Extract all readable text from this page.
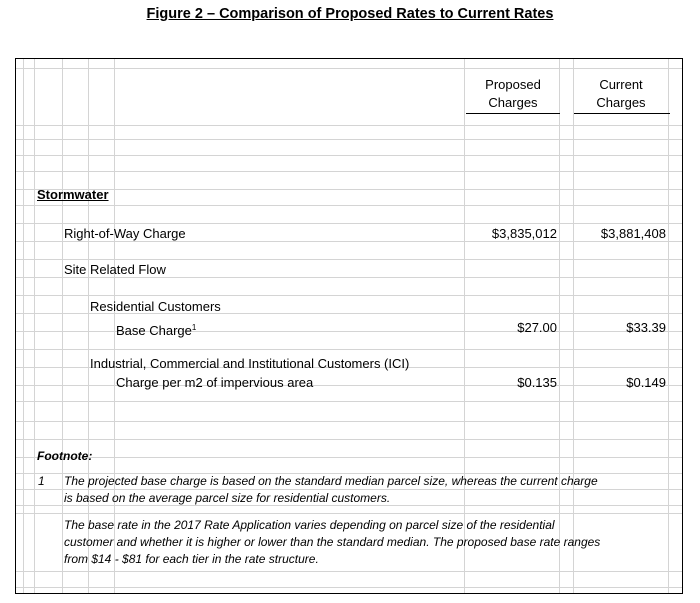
Figure 2 – Comparison of Proposed Rates to Current Rates
Proposed
Charges
Current
Charges
Stormwater
Right-of-Way Charge	$3,835,012	$3,881,408
Site Related Flow
Residential Customers
Base Charge$^1$	$27.00	$33.39
Industrial, Commercial and Institutional Customers (ICI)
Charge per m2 of impervious area	$0.135	$0.149
Footnote:
1 The projected base charge is based on the standard median parcel size, whereas the current charge
is based on the average parcel size for residential customers.
The base rate in the 2017 Rate Application varies depending on parcel size of the residential
customer and whether it is higher or lower than the standard median. The proposed base rate ranges
from $14 - $81 for each tier in the rate structure.
